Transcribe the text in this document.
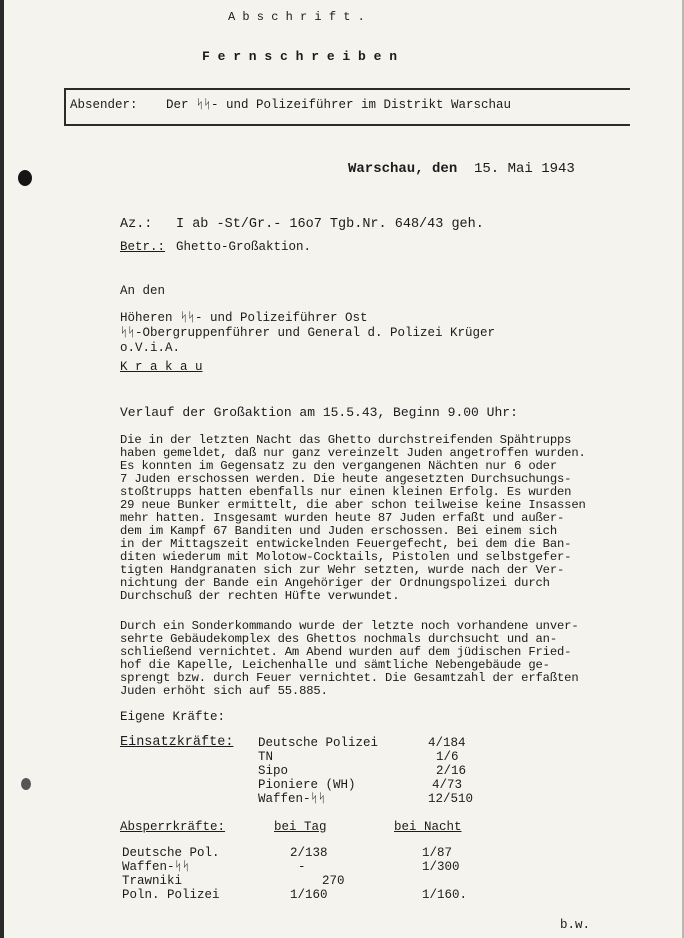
A b s c h r i f t .
F e r n s c h r e i b e n
Absender: Der ᛋᛋ- und Polizeiführer im Distrikt Warschau
Warschau, den 15. Mai 1943
Az.: I ab -St/Gr.- 16o7 Tgb.Nr. 648/43 geh.
Betr.: Ghetto-Großaktion.
An den
Höheren ᛋᛋ- und Polizeiführer Ost
ᛋᛋ-Obergruppenführer und General d. Polizei Krüger
o.V.i.A.
K r a k a u
Verlauf der Großaktion am 15.5.43, Beginn 9.00 Uhr:
Die in der letzten Nacht das Ghetto durchstreifenden Spähtrupps
haben gemeldet, daß nur ganz vereinzelt Juden angetroffen wurden.
Es konnten im Gegensatz zu den vergangenen Nächten nur 6 oder
7 Juden erschossen werden. Die heute angesetzten Durchsuchungs-
stoßtrupps hatten ebenfalls nur einen kleinen Erfolg. Es wurden
29 neue Bunker ermittelt, die aber schon teilweise keine Insassen
mehr hatten. Insgesamt wurden heute 87 Juden erfaßt und außer-
dem im Kampf 67 Banditen und Juden erschossen. Bei einem sich
in der Mittagszeit entwickelnden Feuergefecht, bei dem die Ban-
diten wiederum mit Molotow-Cocktails, Pistolen und selbstgefer-
tigten Handgranaten sich zur Wehr setzten, wurde nach der Ver-
nichtung der Bande ein Angehöriger der Ordnungspolizei durch
Durchschuß der rechten Hüfte verwundet.
Durch ein Sonderkommando wurde der letzte noch vorhandene unver-
sehrte Gebäudekomplex des Ghettos nochmals durchsucht und an-
schließend vernichtet. Am Abend wurden auf dem jüdischen Fried-
hof die Kapelle, Leichenhalle und sämtliche Nebengebäude ge-
sprengt bzw. durch Feuer vernichtet. Die Gesamtzahl der erfaßten
Juden erhöht sich auf 55.885.
Eigene Kräfte:
Einsatzkräfte: Deutsche Polizei	4/184
TN	1/6
Sipo	2/16
Pioniere (WH)	4/73
Waffen-ᛋᛋ	12/510
Absperrkräfte:	bei Tag	bei Nacht
Deutsche Pol.	2/138	1/87
Waffen-ᛋᛋ	-	1/300
Trawniki	270
Poln. Polizei	1/160	1/160.
b.w.
